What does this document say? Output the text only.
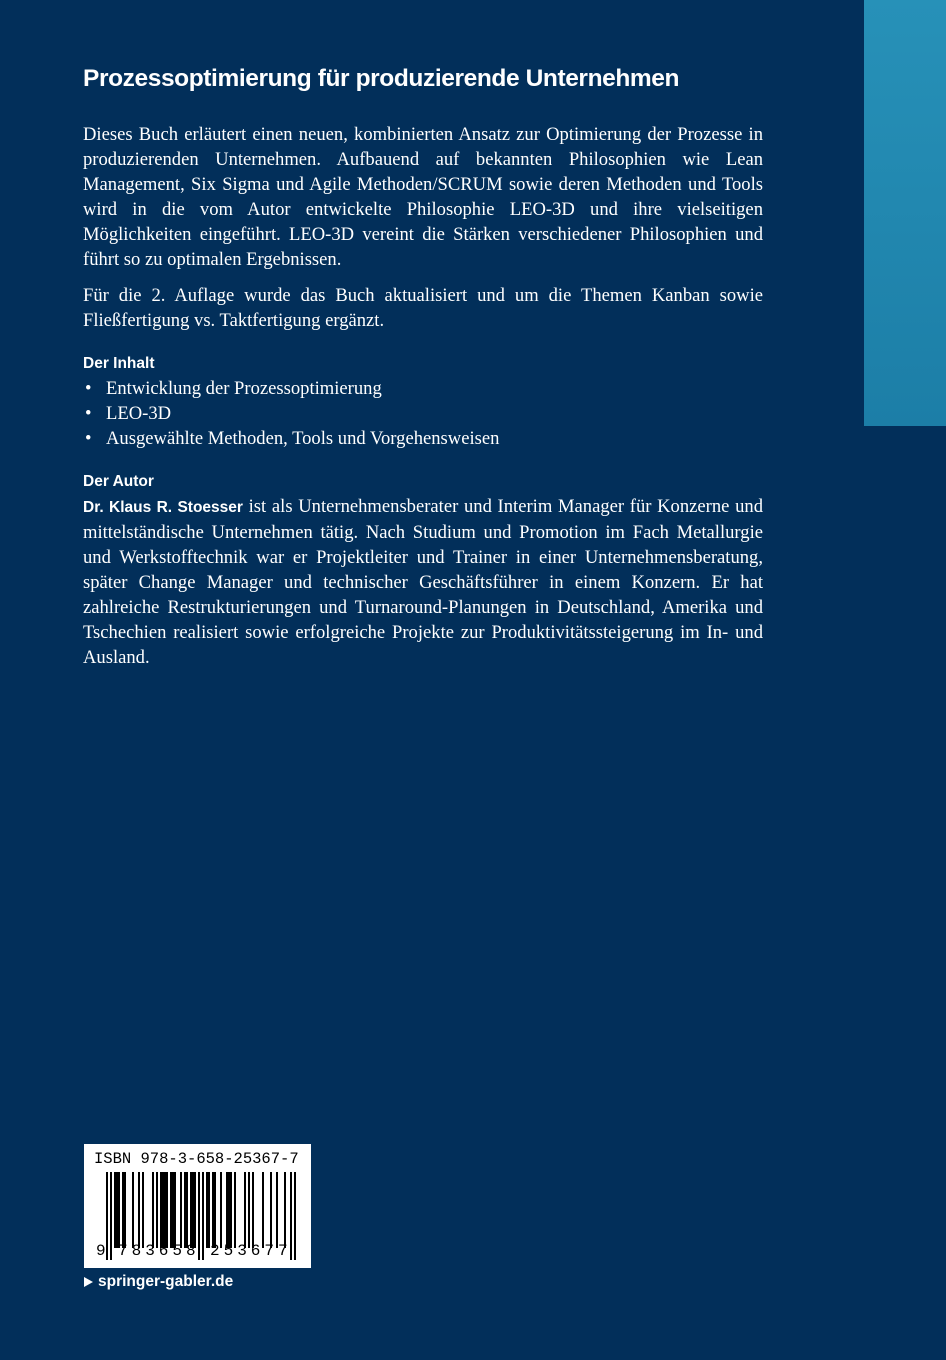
Prozessoptimierung für produzierende Unternehmen

Dieses Buch erläutert einen neuen, kombinierten Ansatz zur Optimierung der Prozesse in produzierenden Unternehmen. Aufbauend auf bekannten Philosophien wie Lean Management, Six Sigma und Agile Methoden/SCRUM sowie deren Methoden und Tools wird in die vom Autor entwickelte Philosophie LEO-3D und ihre vielseitigen Möglichkeiten eingeführt. LEO-3D vereint die Stärken verschiedener Philosophien und führt so zu optimalen Ergebnissen.

Für die 2. Auflage wurde das Buch aktualisiert und um die Themen Kanban sowie Fließfertigung vs. Taktfertigung ergänzt.

Der Inhalt
• Entwicklung der Prozessoptimierung
• LEO-3D
• Ausgewählte Methoden, Tools und Vorgehensweisen
Der Autor

Dr. Klaus R. Stoesser ist als Unternehmensberater und Interim Manager für Konzerne und mittelständische Unternehmen tätig. Nach Studium und Promotion im Fach Metallurgie und Werkstofftechnik war er Projektleiter und Trainer in einer Unternehmensberatung, später Change Manager und technischer Geschäftsführer in einem Konzern. Er hat zahlreiche Restrukturierungen und Turnaround-Planungen in Deutschland, Amerika und Tschechien realisiert sowie erfolgreiche Projekte zur Produktivitätssteigerung im In- und Ausland.

ISBN 978-3-658-25367-7
9 783658 253677
springer-gabler.de
